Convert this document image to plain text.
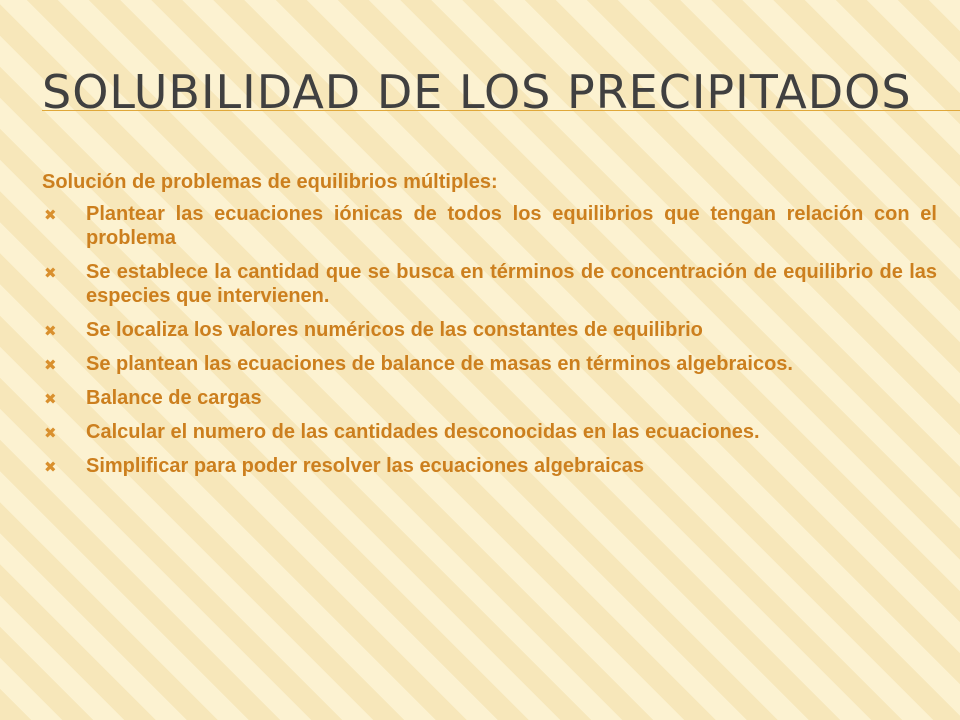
SOLUBILIDAD DE LOS PRECIPITADOS

Solución de problemas de equilibrios múltiples:

✖ Plantear las ecuaciones iónicas de todos los equilibrios que tengan relación con el problema
✖ Se establece la cantidad que se busca en términos de concentración de equilibrio de las especies que intervienen.
✖ Se localiza los valores numéricos de las constantes de equilibrio
✖ Se plantean las ecuaciones de balance de masas en términos algebraicos.
✖ Balance de cargas
✖ Calcular el numero de las cantidades desconocidas en las ecuaciones.
✖ Simplificar para poder resolver las ecuaciones algebraicas
